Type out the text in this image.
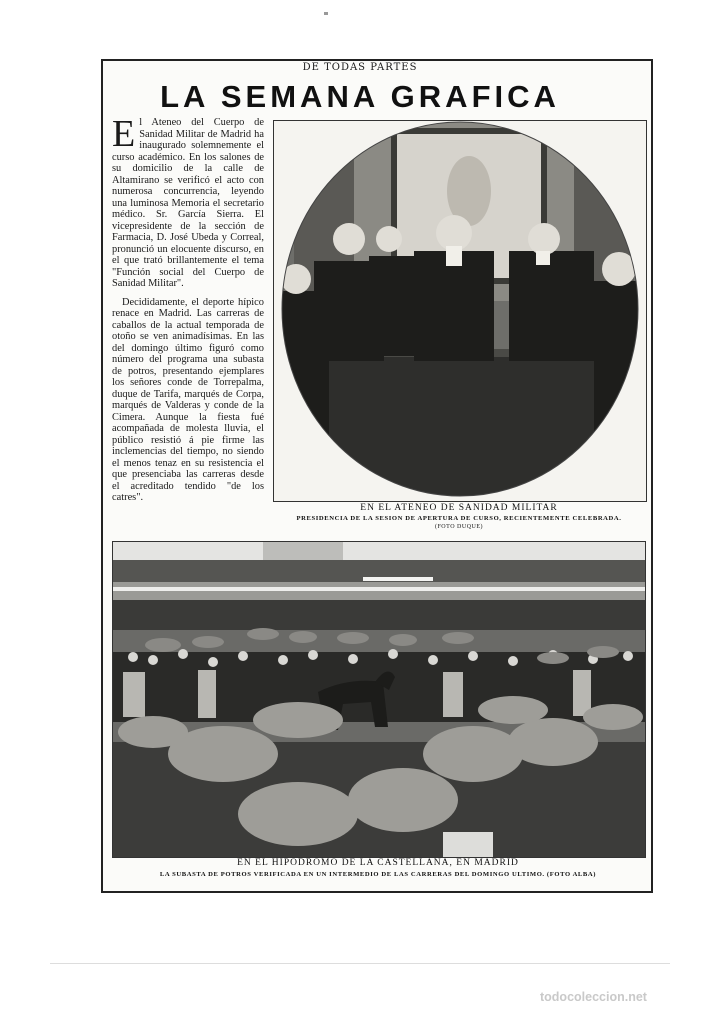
DE TODAS PARTES
LA SEMANA GRAFICA

El Ateneo del Cuerpo de Sanidad Militar de Madrid ha inaugurado solemnemente el curso académico. En los salones de su domicilio de la calle de Altamirano se verificó el acto con numerosa concurrencia, leyendo una luminosa Memoria el secretario médico. Sr. García Sierra. El vicepresidente de la sección de Farmacia, D. José Ubeda y Correal, pronunció un elocuente discurso, en el que trató brillantemente el tema "Función social del Cuerpo de Sanidad Militar".

Decididamente, el deporte hípico renace en Madrid. Las carreras de caballos de la actual temporada de otoño se ven animadísimas. En las del domingo último figuró como número del programa una subasta de potros, presentando ejemplares los señores conde de Torrepalma, duque de Tarifa, marqués de Corpa, marqués de Valderas y conde de la Cimera. Aunque la fiesta fué acompañada de molesta lluvia, el público resistió á pie firme las inclemencias del tiempo, no siendo el menos tenaz en su resistencia el que presenciaba las carreras desde el acreditado tendido "de los catres".

EN EL ATENEO DE SANIDAD MILITAR
PRESIDENCIA DE LA SESION DE APERTURA DE CURSO, RECIENTEMENTE CELEBRADA.
(FOTO DUQUE)
EN EL HIPODROMO DE LA CASTELLANA, EN MADRID
LA SUBASTA DE POTROS VERIFICADA EN UN INTERMEDIO DE LAS CARRERAS DEL DOMINGO ULTIMO. (FOTO ALBA)
todocoleccion.net
